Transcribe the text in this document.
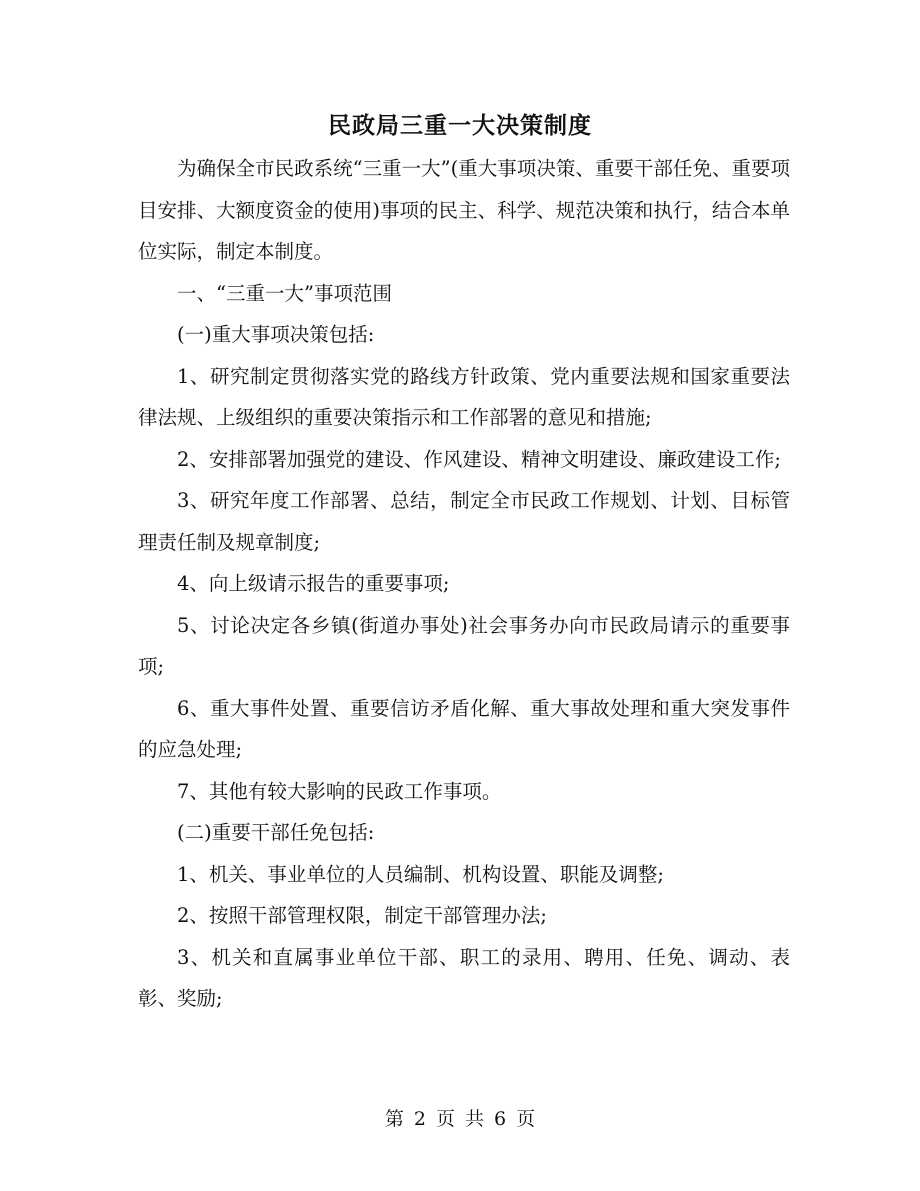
民政局三重一大决策制度

为确保全市民政系统“三重一大”(重大事项决策、重要干部任免、重要项目安排、大额度资金的使用)事项的民主、科学、规范决策和执行，结合本单位实际，制定本制度。

一、“三重一大”事项范围

(一)重大事项决策包括:

1、研究制定贯彻落实党的路线方针政策、党内重要法规和国家重要法律法规、上级组织的重要决策指示和工作部署的意见和措施;

2、安排部署加强党的建设、作风建设、精神文明建设、廉政建设工作;

3、研究年度工作部署、总结，制定全市民政工作规划、计划、目标管理责任制及规章制度;

4、向上级请示报告的重要事项;

5、讨论决定各乡镇(街道办事处)社会事务办向市民政局请示的重要事项;

6、重大事件处置、重要信访矛盾化解、重大事故处理和重大突发事件的应急处理;

7、其他有较大影响的民政工作事项。

(二)重要干部任免包括:

1、机关、事业单位的人员编制、机构设置、职能及调整;

2、按照干部管理权限，制定干部管理办法;

3、机关和直属事业单位干部、职工的录用、聘用、任免、调动、表彰、奖励;

第 2 页 共 6 页
